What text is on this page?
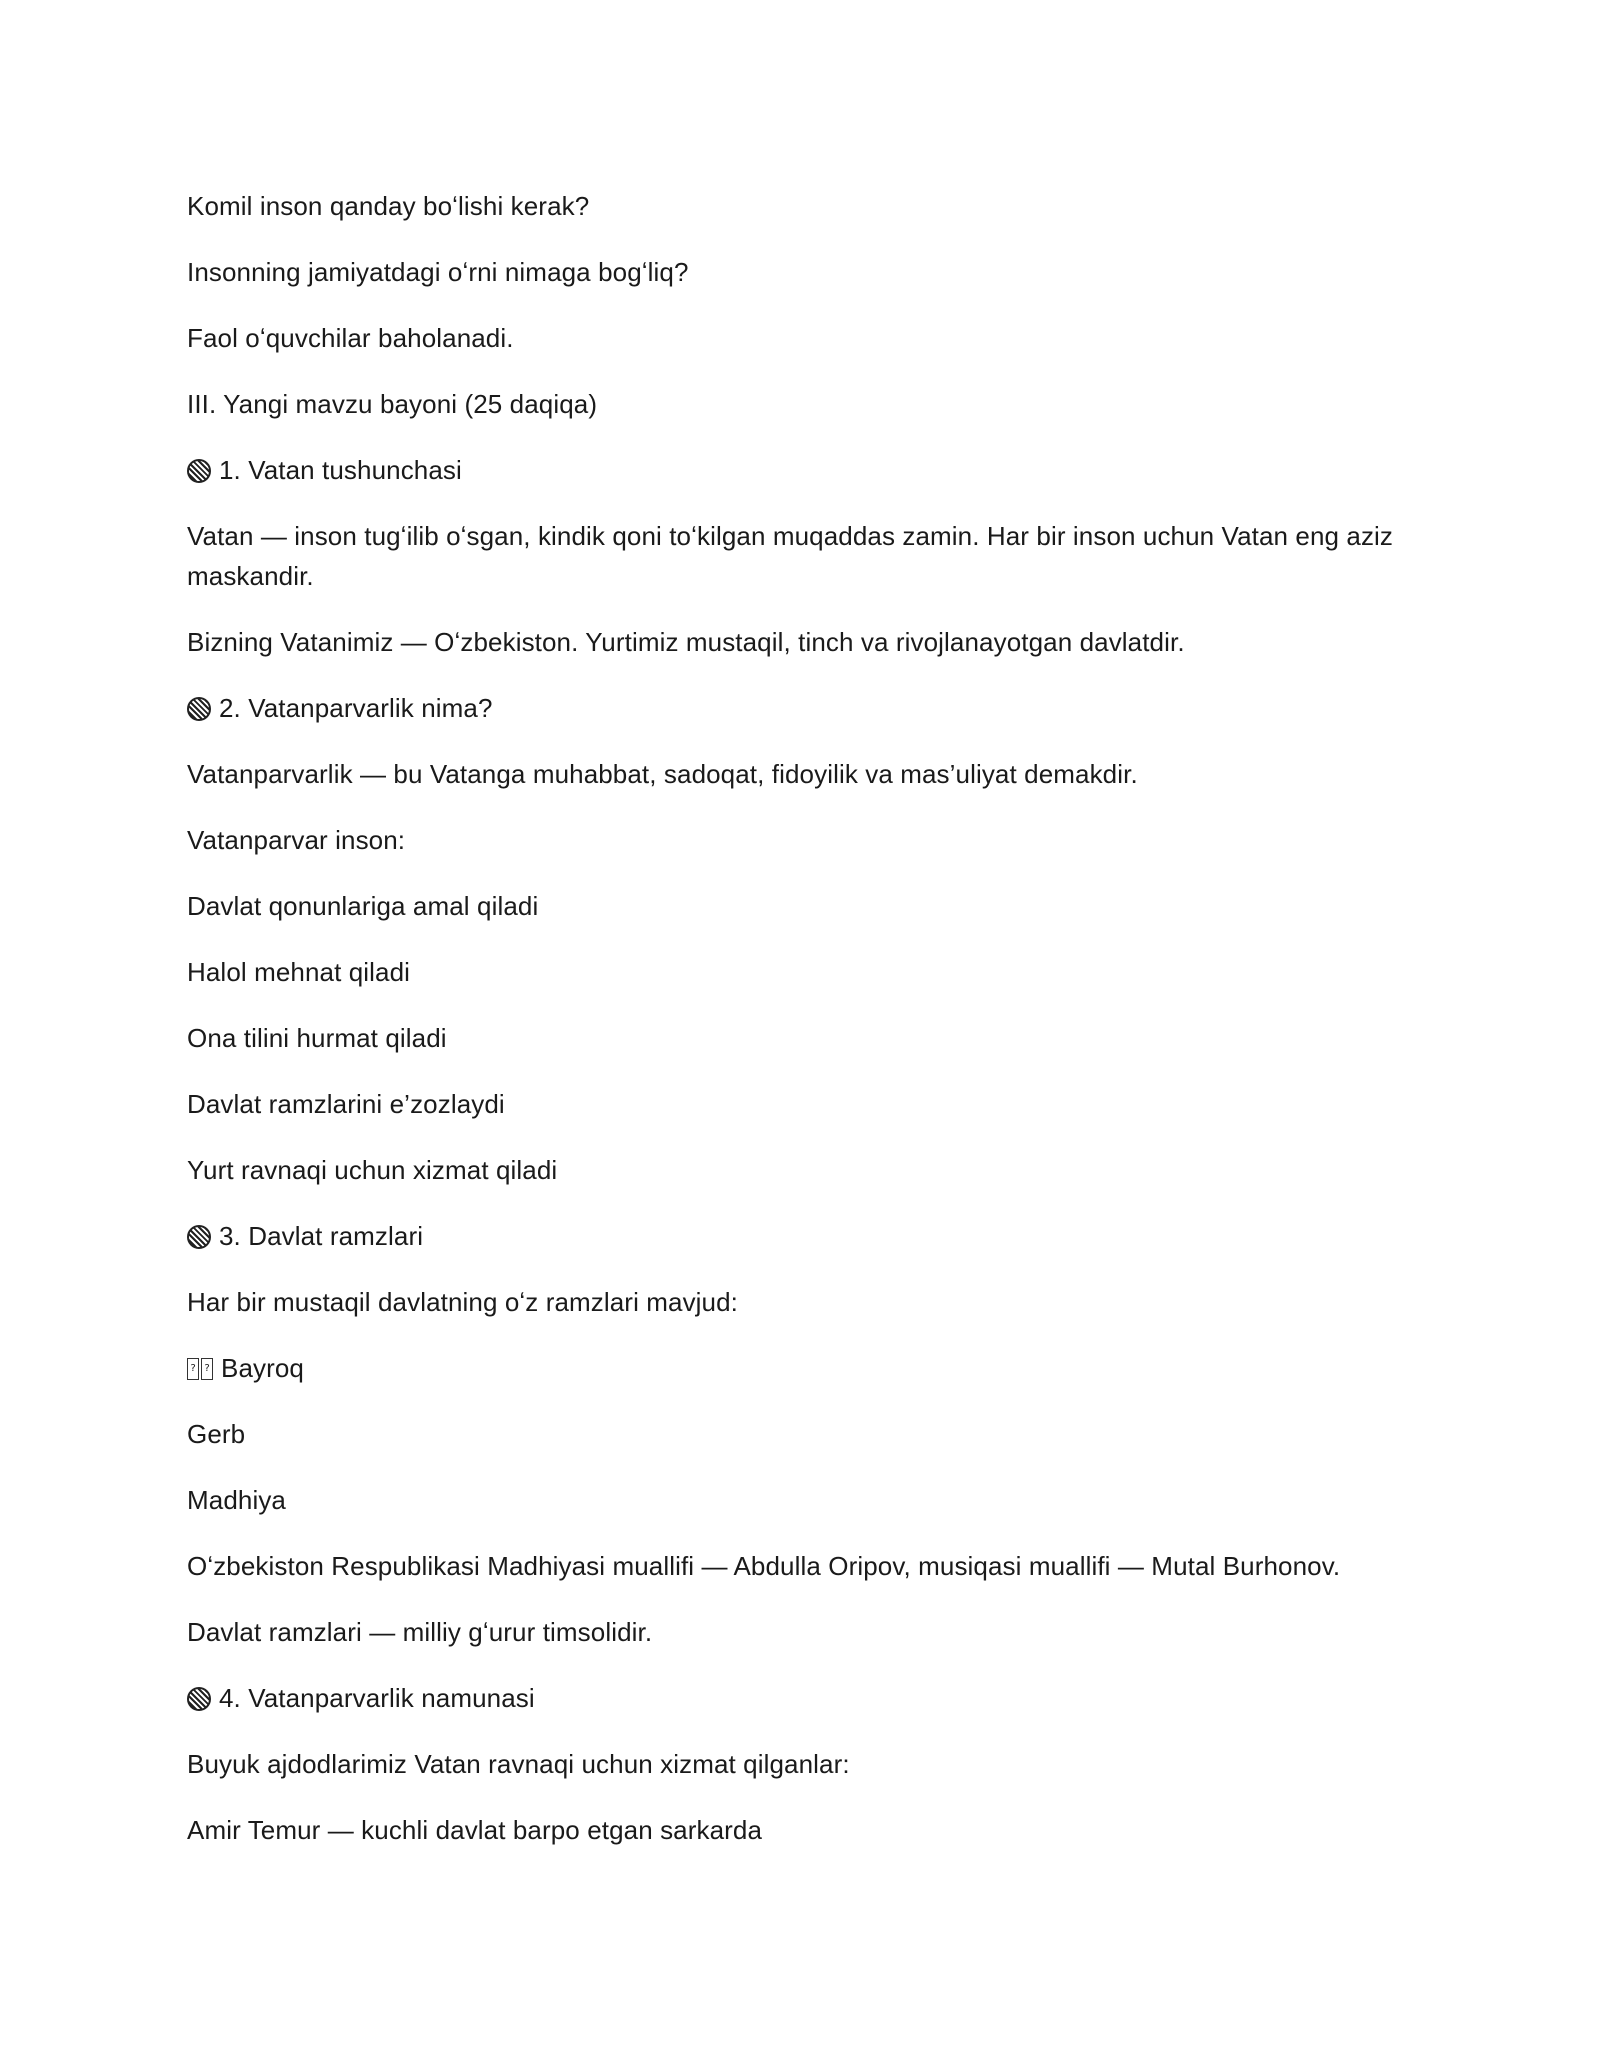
Komil inson qanday boʻlishi kerak?

Insonning jamiyatdagi oʻrni nimaga bogʻliq?

Faol oʻquvchilar baholanadi.

III. Yangi mavzu bayoni (25 daqiqa)

1. Vatan tushunchasi

Vatan — inson tugʻilib oʻsgan, kindik qoni toʻkilgan muqaddas zamin. Har bir inson uchun Vatan eng aziz maskandir.

Bizning Vatanimiz — Oʻzbekiston. Yurtimiz mustaqil, tinch va rivojlanayotgan davlatdir.

2. Vatanparvarlik nima?

Vatanparvarlik — bu Vatanga muhabbat, sadoqat, fidoyilik va mas’uliyat demakdir.

Vatanparvar inson:

Davlat qonunlariga amal qiladi

Halol mehnat qiladi

Ona tilini hurmat qiladi

Davlat ramzlarini e’zozlaydi

Yurt ravnaqi uchun xizmat qiladi

3. Davlat ramzlari

Har bir mustaqil davlatning oʻz ramzlari mavjud:

??Bayroq

Gerb

Madhiya

Oʻzbekiston Respublikasi Madhiyasi muallifi — Abdulla Oripov, musiqasi muallifi — Mutal Burhonov.

Davlat ramzlari — milliy gʻurur timsolidir.

4. Vatanparvarlik namunasi

Buyuk ajdodlarimiz Vatan ravnaqi uchun xizmat qilganlar:

Amir Temur — kuchli davlat barpo etgan sarkarda
